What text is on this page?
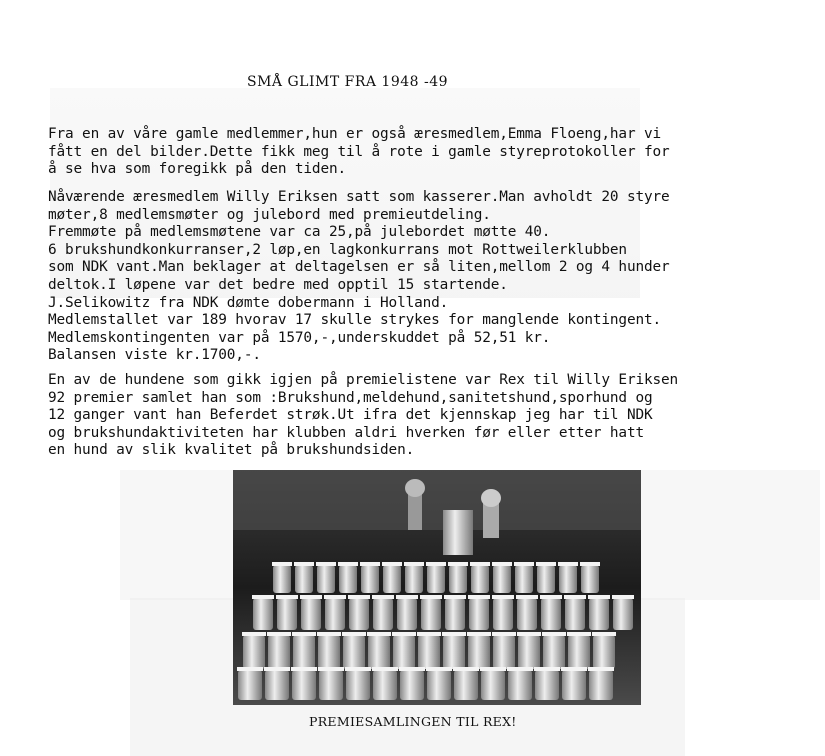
SMÅ GLIMT FRA 1948 -49
Fra en av våre gamle medlemmer,hun er også æresmedlem,Emma Floeng,har vi
fått en del bilder.Dette fikk meg til å rote i gamle styreprotokoller for
å se hva som foregikk på den tiden.
Nåværende æresmedlem Willy Eriksen satt som kasserer.Man avholdt 20 styre
møter,8 medlemsmøter og julebord med premieutdeling.
Fremmøte på medlemsmøtene var ca 25,på julebordet møtte 40.
6 brukshundkonkurranser,2 løp,en lagkonkurrans mot Rottweilerklubben
som NDK vant.Man beklager at deltagelsen er så liten,mellom 2 og 4 hunder
deltok.I løpene var det bedre med opptil 15 startende.
J.Selikowitz fra NDK dømte dobermann i Holland.
Medlemstallet var 189 hvorav 17 skulle strykes for manglende kontingent.
Medlemskontingenten var på 1570,-,underskuddet på 52,51 kr.
Balansen viste kr.1700,-.
En av de hundene som gikk igjen på premielistene var Rex til Willy Eriksen
92 premier samlet han som :Brukshund,meldehund,sanitetshund,sporhund og
12 ganger vant han Beferdet strøk.Ut ifra det kjennskap jeg har til NDK
og brukshundaktiviteten har klubben aldri hverken før eller etter hatt
en hund av slik kvalitet på brukshundsiden.
PREMIESAMLINGEN TIL REX!
